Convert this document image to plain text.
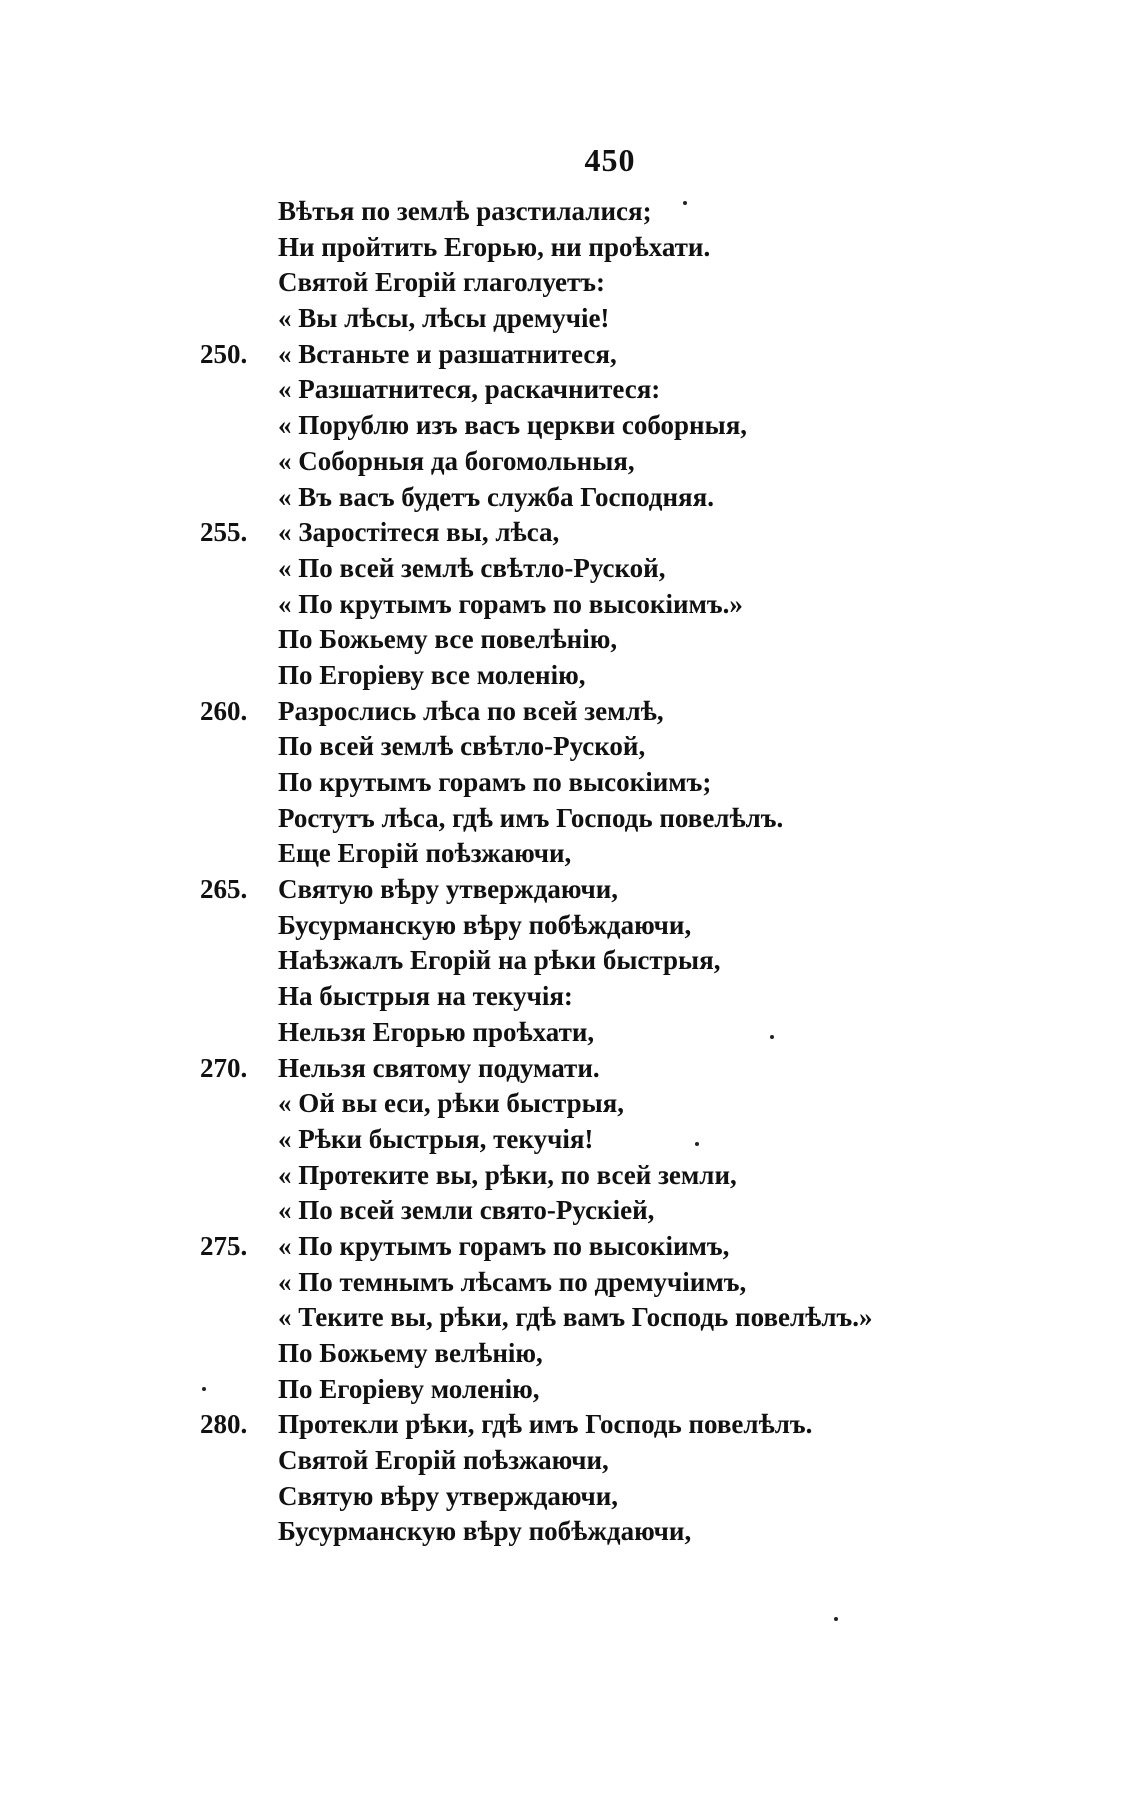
450
Вѣтья по землѣ разстилалися;
Ни пройтить Егорью, ни проѣхати.
Святой Егорій глаголуетъ:
« Вы лѣсы, лѣсы дремучіе!
250.	« Встаньте и разшатнитеся,
« Разшатнитеся, раскачнитеся:
« Порублю изъ васъ церкви соборныя,
« Соборныя да богомольныя,
« Въ васъ будетъ служба Господняя.
255.	« Заростітеся вы, лѣса,
« По всей землѣ свѣтло-Руской,
« По крутымъ горамъ по высокіимъ.»
По Божьему все повелѣнію,
По Егоріеву все моленію,
260.	Разрослись лѣса по всей землѣ,
По всей землѣ свѣтло-Руской,
По крутымъ горамъ по высокіимъ;
Ростутъ лѣса, гдѣ имъ Господь повелѣлъ.
Еще Егорій поѣзжаючи,
265.	Святую вѣру утверждаючи,
Бусурманскую вѣру побѣждаючи,
Наѣзжалъ Егорій на рѣки быстрыя,
На быстрыя на текучія:
Нельзя Егорью проѣхати,
270.	Нельзя святому подумати.
« Ой вы еси, рѣки быстрыя,
« Рѣки быстрыя, текучія!
« Протеките вы, рѣки, по всей земли,
« По всей земли свято-Рускіей,
275.	« По крутымъ горамъ по высокіимъ,
« По темнымъ лѣсамъ по дремучіимъ,
« Теките вы, рѣки, гдѣ вамъ Господь повелѣлъ.»
По Божьему велѣнію,
По Егоріеву моленію,
280.	Протекли рѣки, гдѣ имъ Господь повелѣлъ.
Святой Егорій поѣзжаючи,
Святую вѣру утверждаючи,
Бусурманскую вѣру побѣждаючи,
